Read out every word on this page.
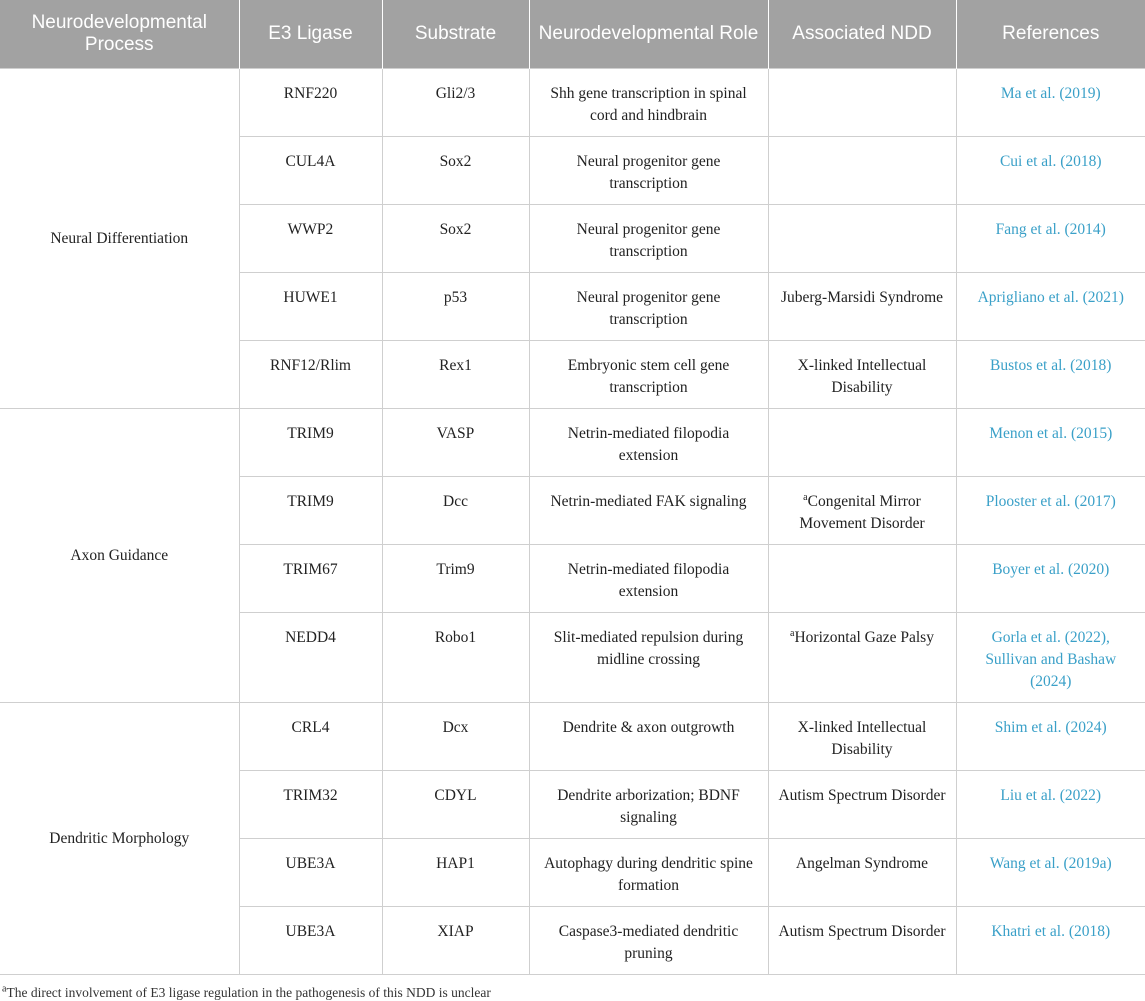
Neurodevelopmental Process	E3 Ligase	Substrate	Neurodevelopmental Role	Associated NDD	References
Neural Differentiation	RNF220	Gli2/3	Shh gene transcription in spinal cord and hindbrain		Ma et al. (2019)
	CUL4A	Sox2	Neural progenitor gene transcription		Cui et al. (2018)
	WWP2	Sox2	Neural progenitor gene transcription		Fang et al. (2014)
	HUWE1	p53	Neural progenitor gene transcription	Juberg-Marsidi Syndrome	Aprigliano et al. (2021)
	RNF12/Rlim	Rex1	Embryonic stem cell gene transcription	X-linked Intellectual Disability	Bustos et al. (2018)
Axon Guidance	TRIM9	VASP	Netrin-mediated filopodia extension		Menon et al. (2015)
	TRIM9	Dcc	Netrin-mediated FAK signaling	$^a$Congenital Mirror Movement Disorder	Plooster et al. (2017)
	TRIM67	Trim9	Netrin-mediated filopodia extension		Boyer et al. (2020)
	NEDD4	Robo1	Slit-mediated repulsion during midline crossing	$^a$Horizontal Gaze Palsy	Gorla et al. (2022), Sullivan and Bashaw (2024)
Dendritic Morphology	CRL4	Dcx	Dendrite & axon outgrowth	X-linked Intellectual Disability	Shim et al. (2024)
	TRIM32	CDYL	Dendrite arborization; BDNF signaling	Autism Spectrum Disorder	Liu et al. (2022)
	UBE3A	HAP1	Autophagy during dendritic spine formation	Angelman Syndrome	Wang et al. (2019a)
	UBE3A	XIAP	Caspase3-mediated dendritic pruning	Autism Spectrum Disorder	Khatri et al. (2018)
$^a$The direct involvement of E3 ligase regulation in the pathogenesis of this NDD is unclear
